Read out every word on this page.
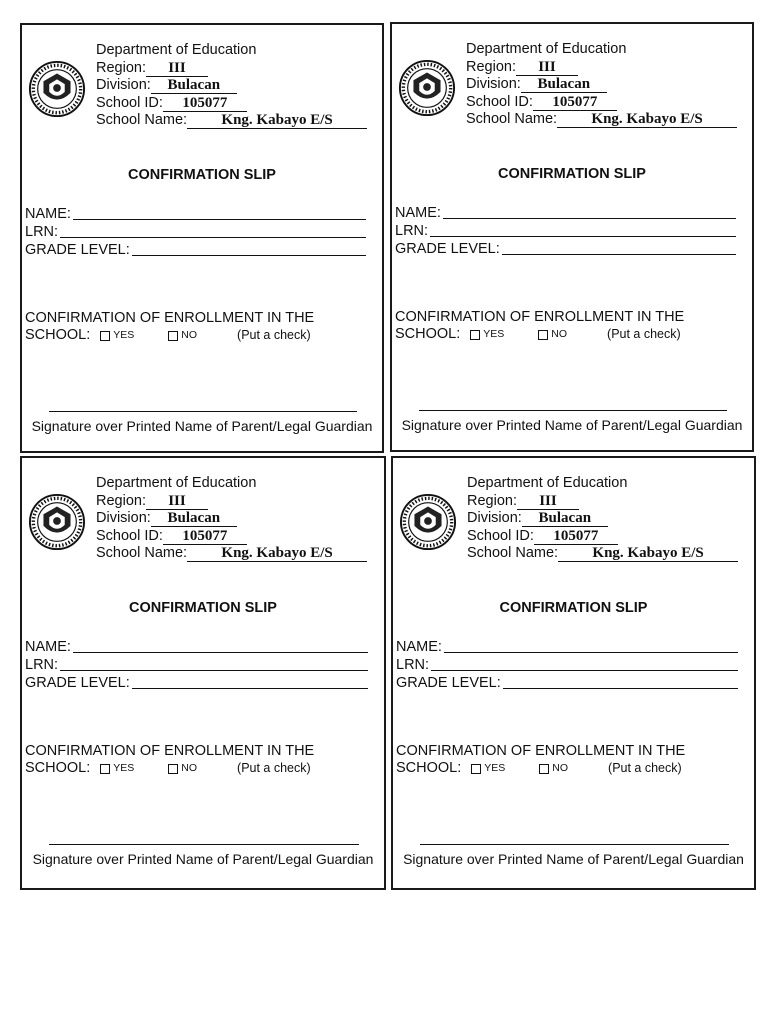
Department of Education
Region: III
Division: Bulacan
School ID: 105077
School Name: Kng. Kabayo E/S
CONFIRMATION SLIP
NAME:
LRN:
GRADE LEVEL:
CONFIRMATION OF ENROLLMENT IN THE
SCHOOL: YES	NO	(Put a check)
Signature over Printed Name of Parent/Legal Guardian
Department of Education
Region: III
Division: Bulacan
School ID: 105077
School Name: Kng. Kabayo E/S
CONFIRMATION SLIP
NAME:
LRN:
GRADE LEVEL:
CONFIRMATION OF ENROLLMENT IN THE
SCHOOL: YES	NO	(Put a check)
Signature over Printed Name of Parent/Legal Guardian
Department of Education
Region: III
Division: Bulacan
School ID: 105077
School Name: Kng. Kabayo E/S
CONFIRMATION SLIP
NAME:
LRN:
GRADE LEVEL:
CONFIRMATION OF ENROLLMENT IN THE
SCHOOL: YES	NO	(Put a check)
Signature over Printed Name of Parent/Legal Guardian
Department of Education
Region: III
Division: Bulacan
School ID: 105077
School Name: Kng. Kabayo E/S
CONFIRMATION SLIP
NAME:
LRN:
GRADE LEVEL:
CONFIRMATION OF ENROLLMENT IN THE
SCHOOL: YES	NO	(Put a check)
Signature over Printed Name of Parent/Legal Guardian
